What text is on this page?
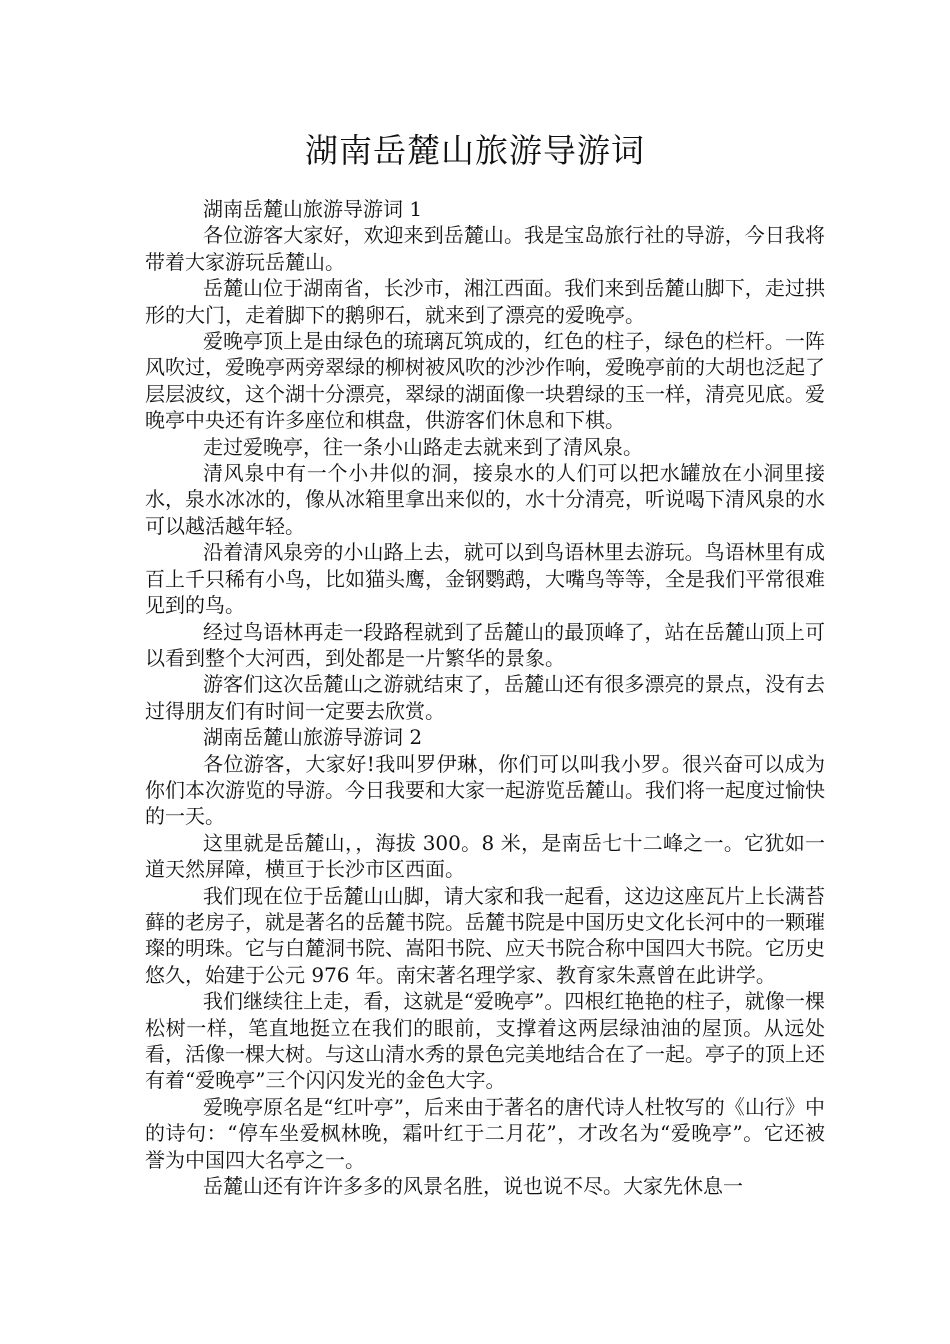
湖南岳麓山旅游导游词

湖南岳麓山旅游导游词 1

各位游客大家好，欢迎来到岳麓山。我是宝岛旅行社的导游，今日我将带着大家游玩岳麓山。

岳麓山位于湖南省，长沙市，湘江西面。我们来到岳麓山脚下，走过拱形的大门，走着脚下的鹅卵石，就来到了漂亮的爱晚亭。

爱晚亭顶上是由绿色的琉璃瓦筑成的，红色的柱子，绿色的栏杆。一阵风吹过，爱晚亭两旁翠绿的柳树被风吹的沙沙作响，爱晚亭前的大胡也泛起了层层波纹，这个湖十分漂亮，翠绿的湖面像一块碧绿的玉一样，清亮见底。爱晚亭中央还有许多座位和棋盘，供游客们休息和下棋。

走过爱晚亭，往一条小山路走去就来到了清风泉。

清风泉中有一个小井似的洞，接泉水的人们可以把水罐放在小洞里接水，泉水冰冰的，像从冰箱里拿出来似的，水十分清亮，听说喝下清风泉的水可以越活越年轻。

沿着清风泉旁的小山路上去，就可以到鸟语林里去游玩。鸟语林里有成百上千只稀有小鸟，比如猫头鹰，金钢鹦鹉，大嘴鸟等等，全是我们平常很难见到的鸟。

经过鸟语林再走一段路程就到了岳麓山的最顶峰了，站在岳麓山顶上可以看到整个大河西，到处都是一片繁华的景象。

游客们这次岳麓山之游就结束了，岳麓山还有很多漂亮的景点，没有去过得朋友们有时间一定要去欣赏。

湖南岳麓山旅游导游词 2

各位游客，大家好!我叫罗伊琳，你们可以叫我小罗。很兴奋可以成为你们本次游览的导游。今日我要和大家一起游览岳麓山。我们将一起度过愉快的一天。

这里就是岳麓山，，海拔 300。8 米，是南岳七十二峰之一。它犹如一道天然屏障，横亘于长沙市区西面。

我们现在位于岳麓山山脚，请大家和我一起看，这边这座瓦片上长满苔藓的老房子，就是著名的岳麓书院。岳麓书院是中国历史文化长河中的一颗璀璨的明珠。它与白麓洞书院、嵩阳书院、应天书院合称中国四大书院。它历史悠久，始建于公元 976 年。南宋著名理学家、教育家朱熹曾在此讲学。

我们继续往上走，看，这就是“爱晚亭”。四根红艳艳的柱子，就像一棵松树一样，笔直地挺立在我们的眼前，支撑着这两层绿油油的屋顶。从远处看，活像一棵大树。与这山清水秀的景色完美地结合在了一起。亭子的顶上还有着“爱晚亭”三个闪闪发光的金色大字。

爱晚亭原名是“红叶亭”，后来由于著名的唐代诗人杜牧写的《山行》中的诗句：“停车坐爱枫林晚，霜叶红于二月花”，才改名为“爱晚亭”。它还被誉为中国四大名亭之一。

岳麓山还有许许多多的风景名胜，说也说不尽。大家先休息一
